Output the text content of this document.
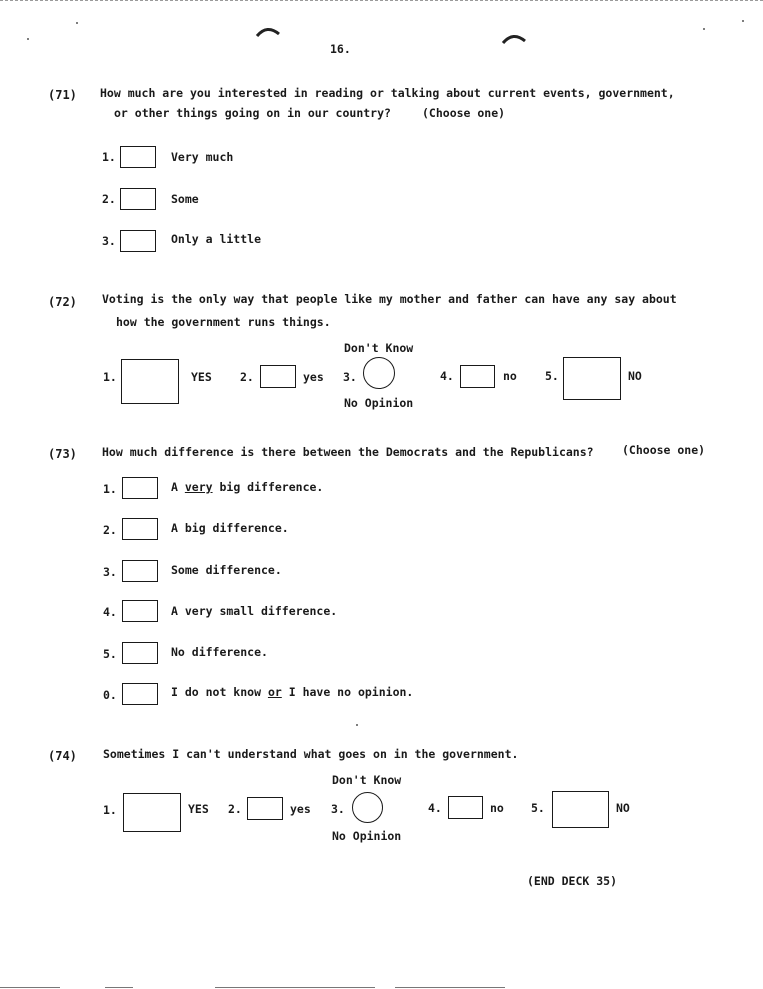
16.
(71) How much are you interested in reading or talking about current events, government,
or other things going on in our country?	(Choose one)
1.	Very much
2.	Some
3.	Only a little
(72) Voting is the only way that people like my mother and father can have any say about
how the government runs things.
1.	YES 2.	yes
Don't Know
3.
No Opinion
4.	no 5.	NO
(73) How much difference is there between the Democrats and the Republicans? (Choose one)
1.	A very big difference.
2.	A big difference.
3.	Some difference.
4.	A very small difference.
5.	No difference.
0.	I do not know or I have no opinion.
(74) Sometimes I can't understand what goes on in the government.
1.	YES 2.	yes
Don't Know
3.
No Opinion
4.	no 5.	NO
(END DECK 35)
